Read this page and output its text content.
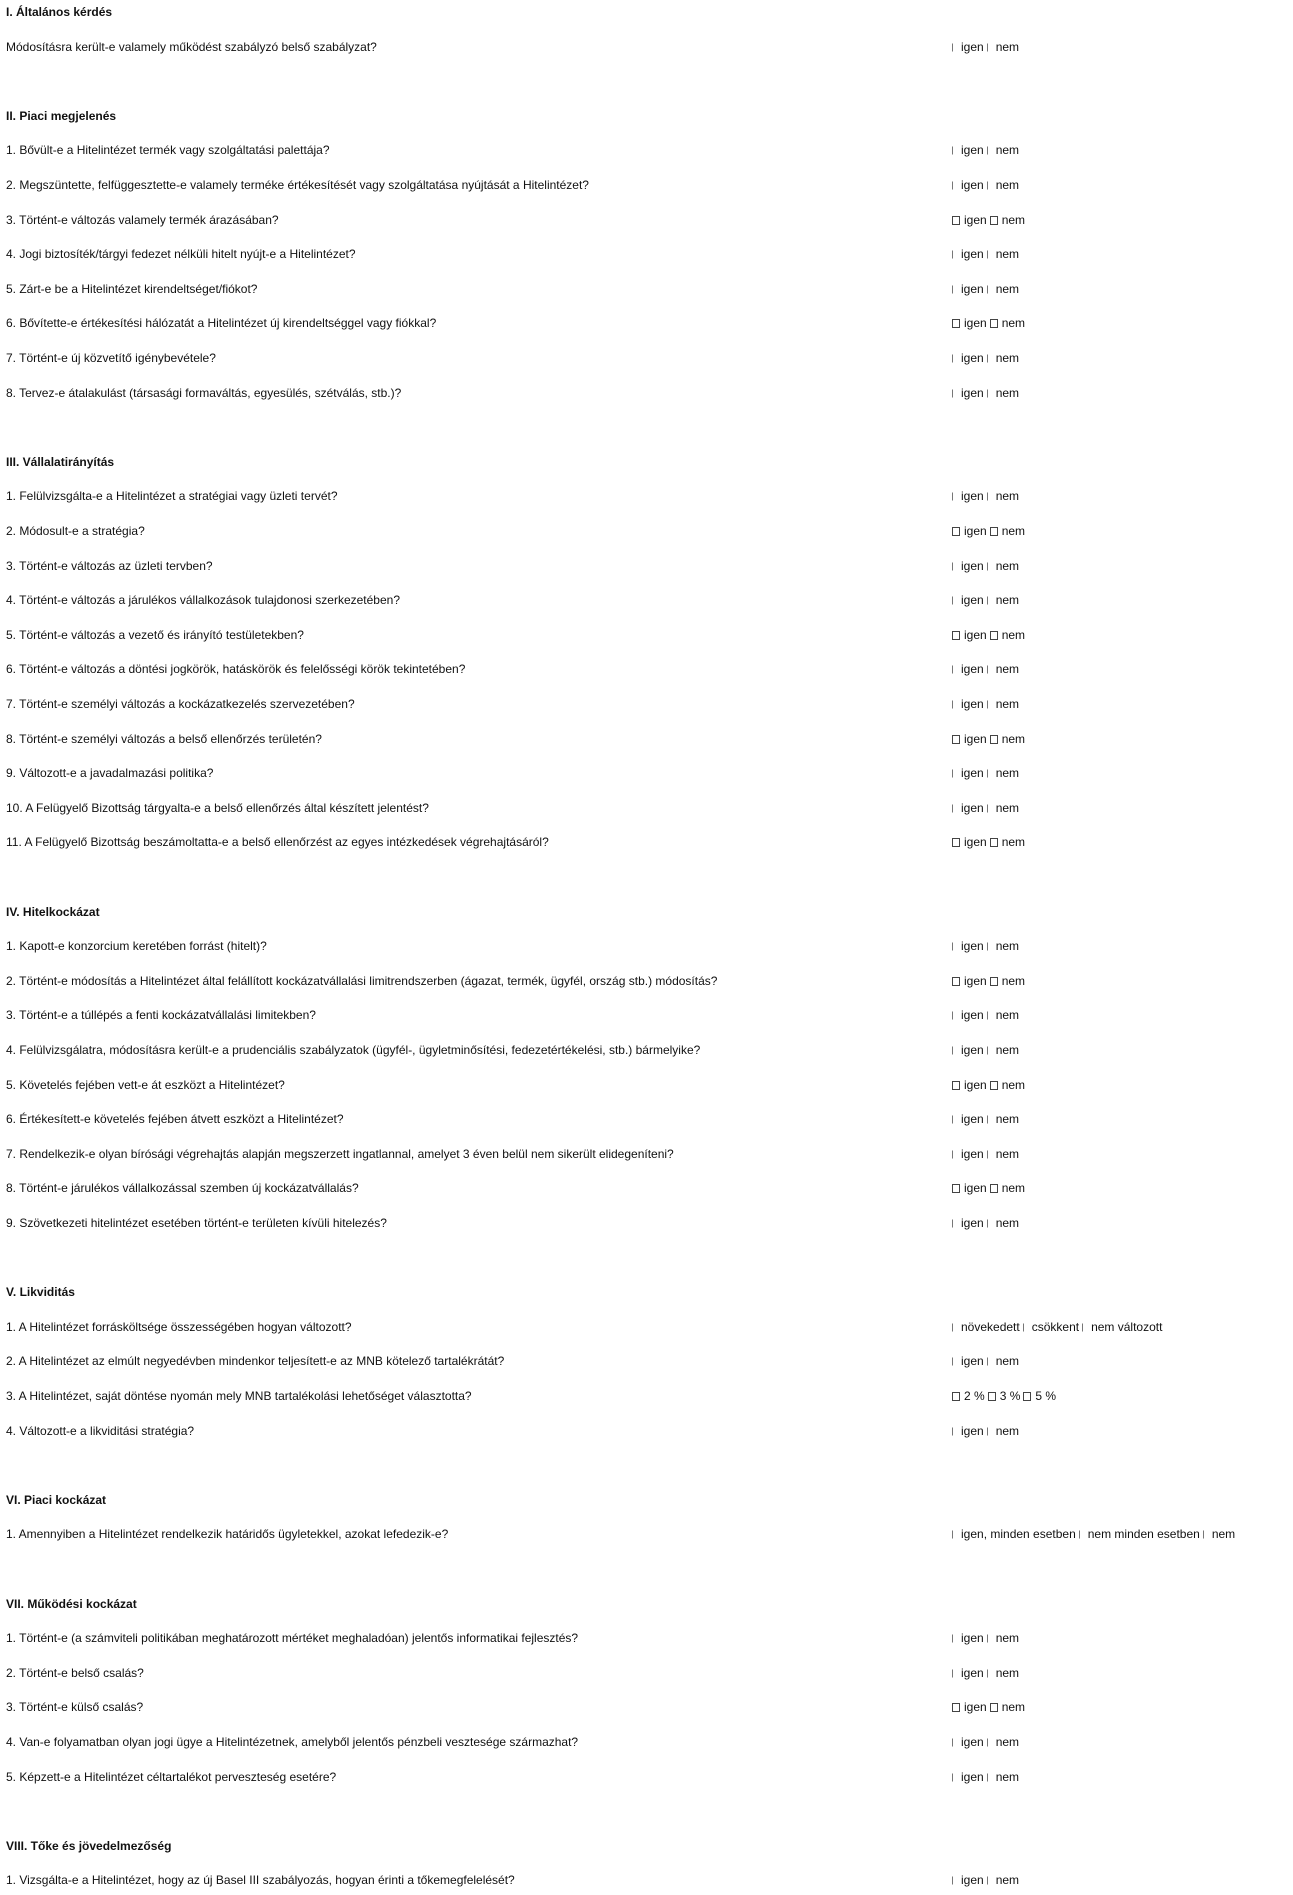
I. Általános kérdés
Módosításra került-e valamely működést szabályzó belső szabályzat?	igen nem
II. Piaci megjelenés
1. Bővült-e a Hitelintézet termék vagy szolgáltatási palettája?	igen nem
2. Megszüntette, felfüggesztette-e valamely terméke értékesítését vagy szolgáltatása nyújtását a Hitelintézet?	igen nem
3. Történt-e változás valamely termék árazásában?	igen nem
4. Jogi biztosíték/tárgyi fedezet nélküli hitelt nyújt-e a Hitelintézet?	igen nem
5. Zárt-e be a Hitelintézet kirendeltséget/fiókot?	igen nem
6. Bővítette-e értékesítési hálózatát a Hitelintézet új kirendeltséggel vagy fiókkal?	igen nem
7. Történt-e új közvetítő igénybevétele?	igen nem
8. Tervez-e átalakulást (társasági formaváltás, egyesülés, szétválás, stb.)?	igen nem
III. Vállalatirányítás
1. Felülvizsgálta-e a Hitelintézet a stratégiai vagy üzleti tervét?	igen nem
2. Módosult-e a stratégia?	igen nem
3. Történt-e változás az üzleti tervben?	igen nem
4. Történt-e változás a járulékos vállalkozások tulajdonosi szerkezetében?	igen nem
5. Történt-e változás a vezető és irányító testületekben?	igen nem
6. Történt-e változás a döntési jogkörök, hatáskörök és felelősségi körök tekintetében?	igen nem
7. Történt-e személyi változás a kockázatkezelés szervezetében?	igen nem
8. Történt-e személyi változás a belső ellenőrzés területén?	igen nem
9. Változott-e a javadalmazási politika?	igen nem
10. A Felügyelő Bizottság tárgyalta-e a belső ellenőrzés által készített jelentést?	igen nem
11. A Felügyelő Bizottság beszámoltatta-e a belső ellenőrzést az egyes intézkedések végrehajtásáról?	igen nem
IV. Hitelkockázat
1. Kapott-e konzorcium keretében forrást (hitelt)?	igen nem
2. Történt-e módosítás a Hitelintézet által felállított kockázatvállalási limitrendszerben (ágazat, termék, ügyfél, ország stb.) módosítás?	igen nem
3. Történt-e a túllépés a fenti kockázatvállalási limitekben?	igen nem
4. Felülvizsgálatra, módosításra került-e a prudenciális szabályzatok (ügyfél-, ügyletminősítési, fedezetértékelési, stb.) bármelyike?	igen nem
5. Követelés fejében vett-e át eszközt a Hitelintézet?	igen nem
6. Értékesített-e követelés fejében átvett eszközt a Hitelintézet?	igen nem
7. Rendelkezik-e olyan bírósági végrehajtás alapján megszerzett ingatlannal, amelyet 3 éven belül nem sikerült elidegeníteni?	igen nem
8. Történt-e járulékos vállalkozással szemben új kockázatvállalás?	igen nem
9. Szövetkezeti hitelintézet esetében történt-e területen kívüli hitelezés?	igen nem
V. Likviditás
1. A Hitelintézet forrásköltsége összességében hogyan változott?	növekedett csökkent nem változott
2. A Hitelintézet az elmúlt negyedévben mindenkor teljesített-e az MNB kötelező tartalékrátát?	igen nem
3. A Hitelintézet, saját döntése nyomán mely MNB tartalékolási lehetőséget választotta?	2 % 3 % 5 %
4. Változott-e a likviditási stratégia?	igen nem
VI. Piaci kockázat
1. Amennyiben a Hitelintézet rendelkezik határidős ügyletekkel, azokat lefedezik-e?	igen, minden esetben nem minden esetben nem
VII. Működési kockázat
1. Történt-e (a számviteli politikában meghatározott mértéket meghaladóan) jelentős informatikai fejlesztés?	igen nem
2. Történt-e belső csalás?	igen nem
3. Történt-e külső csalás?	igen nem
4. Van-e folyamatban olyan jogi ügye a Hitelintézetnek, amelyből jelentős pénzbeli vesztesége származhat?	igen nem
5. Képzett-e a Hitelintézet céltartalékot perveszteség esetére?	igen nem
VIII. Tőke és jövedelmezőség
1. Vizsgálta-e a Hitelintézet, hogy az új Basel III szabályozás, hogyan érinti a tőkemegfelelését?	igen nem
